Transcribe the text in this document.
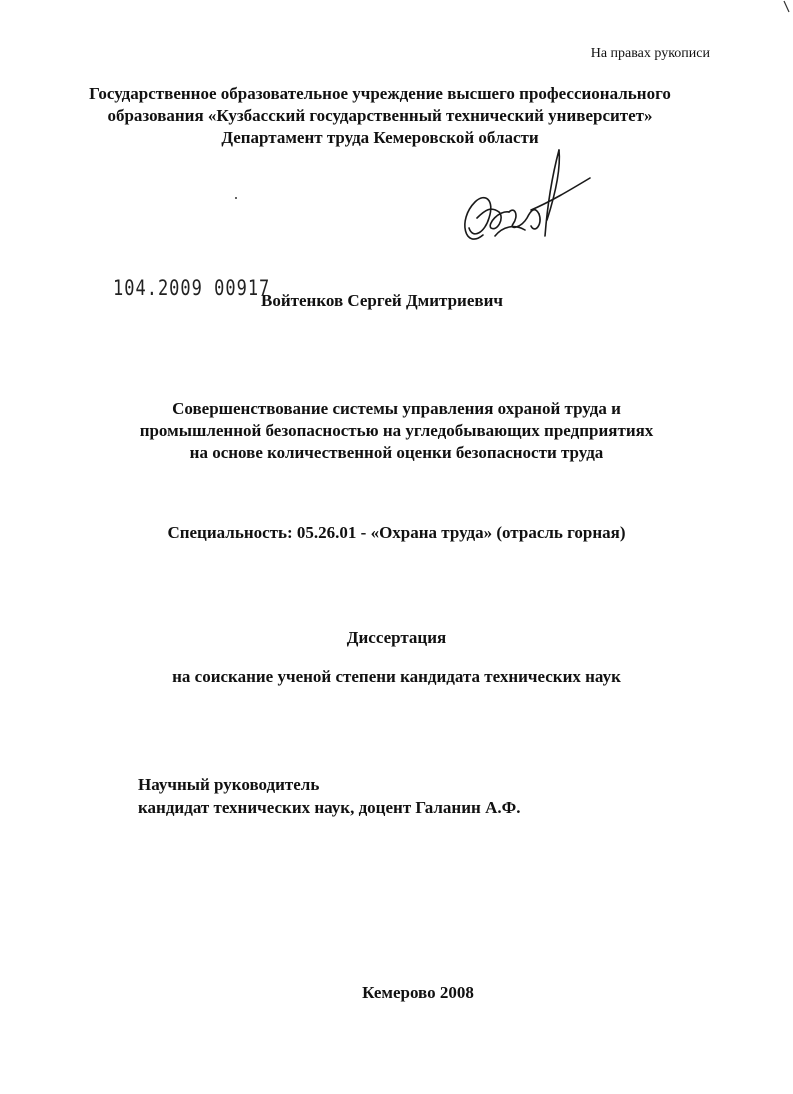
На правах рукописи
Государственное образовательное учреждение высшего профессионального
образования «Кузбасский государственный технический университет»
Департамент труда Кемеровской области
104.2009 00917
Войтенков Сергей Дмитриевич
Совершенствование системы управления охраной труда и
промышленной безопасностью на угледобывающих предприятиях
на основе количественной оценки безопасности труда
Специальность: 05.26.01 - «Охрана труда» (отрасль горная)
Диссертация
на соискание ученой степени кандидата технических наук
Научный руководитель
кандидат технических наук, доцент Галанин А.Ф.
Кемерово 2008
